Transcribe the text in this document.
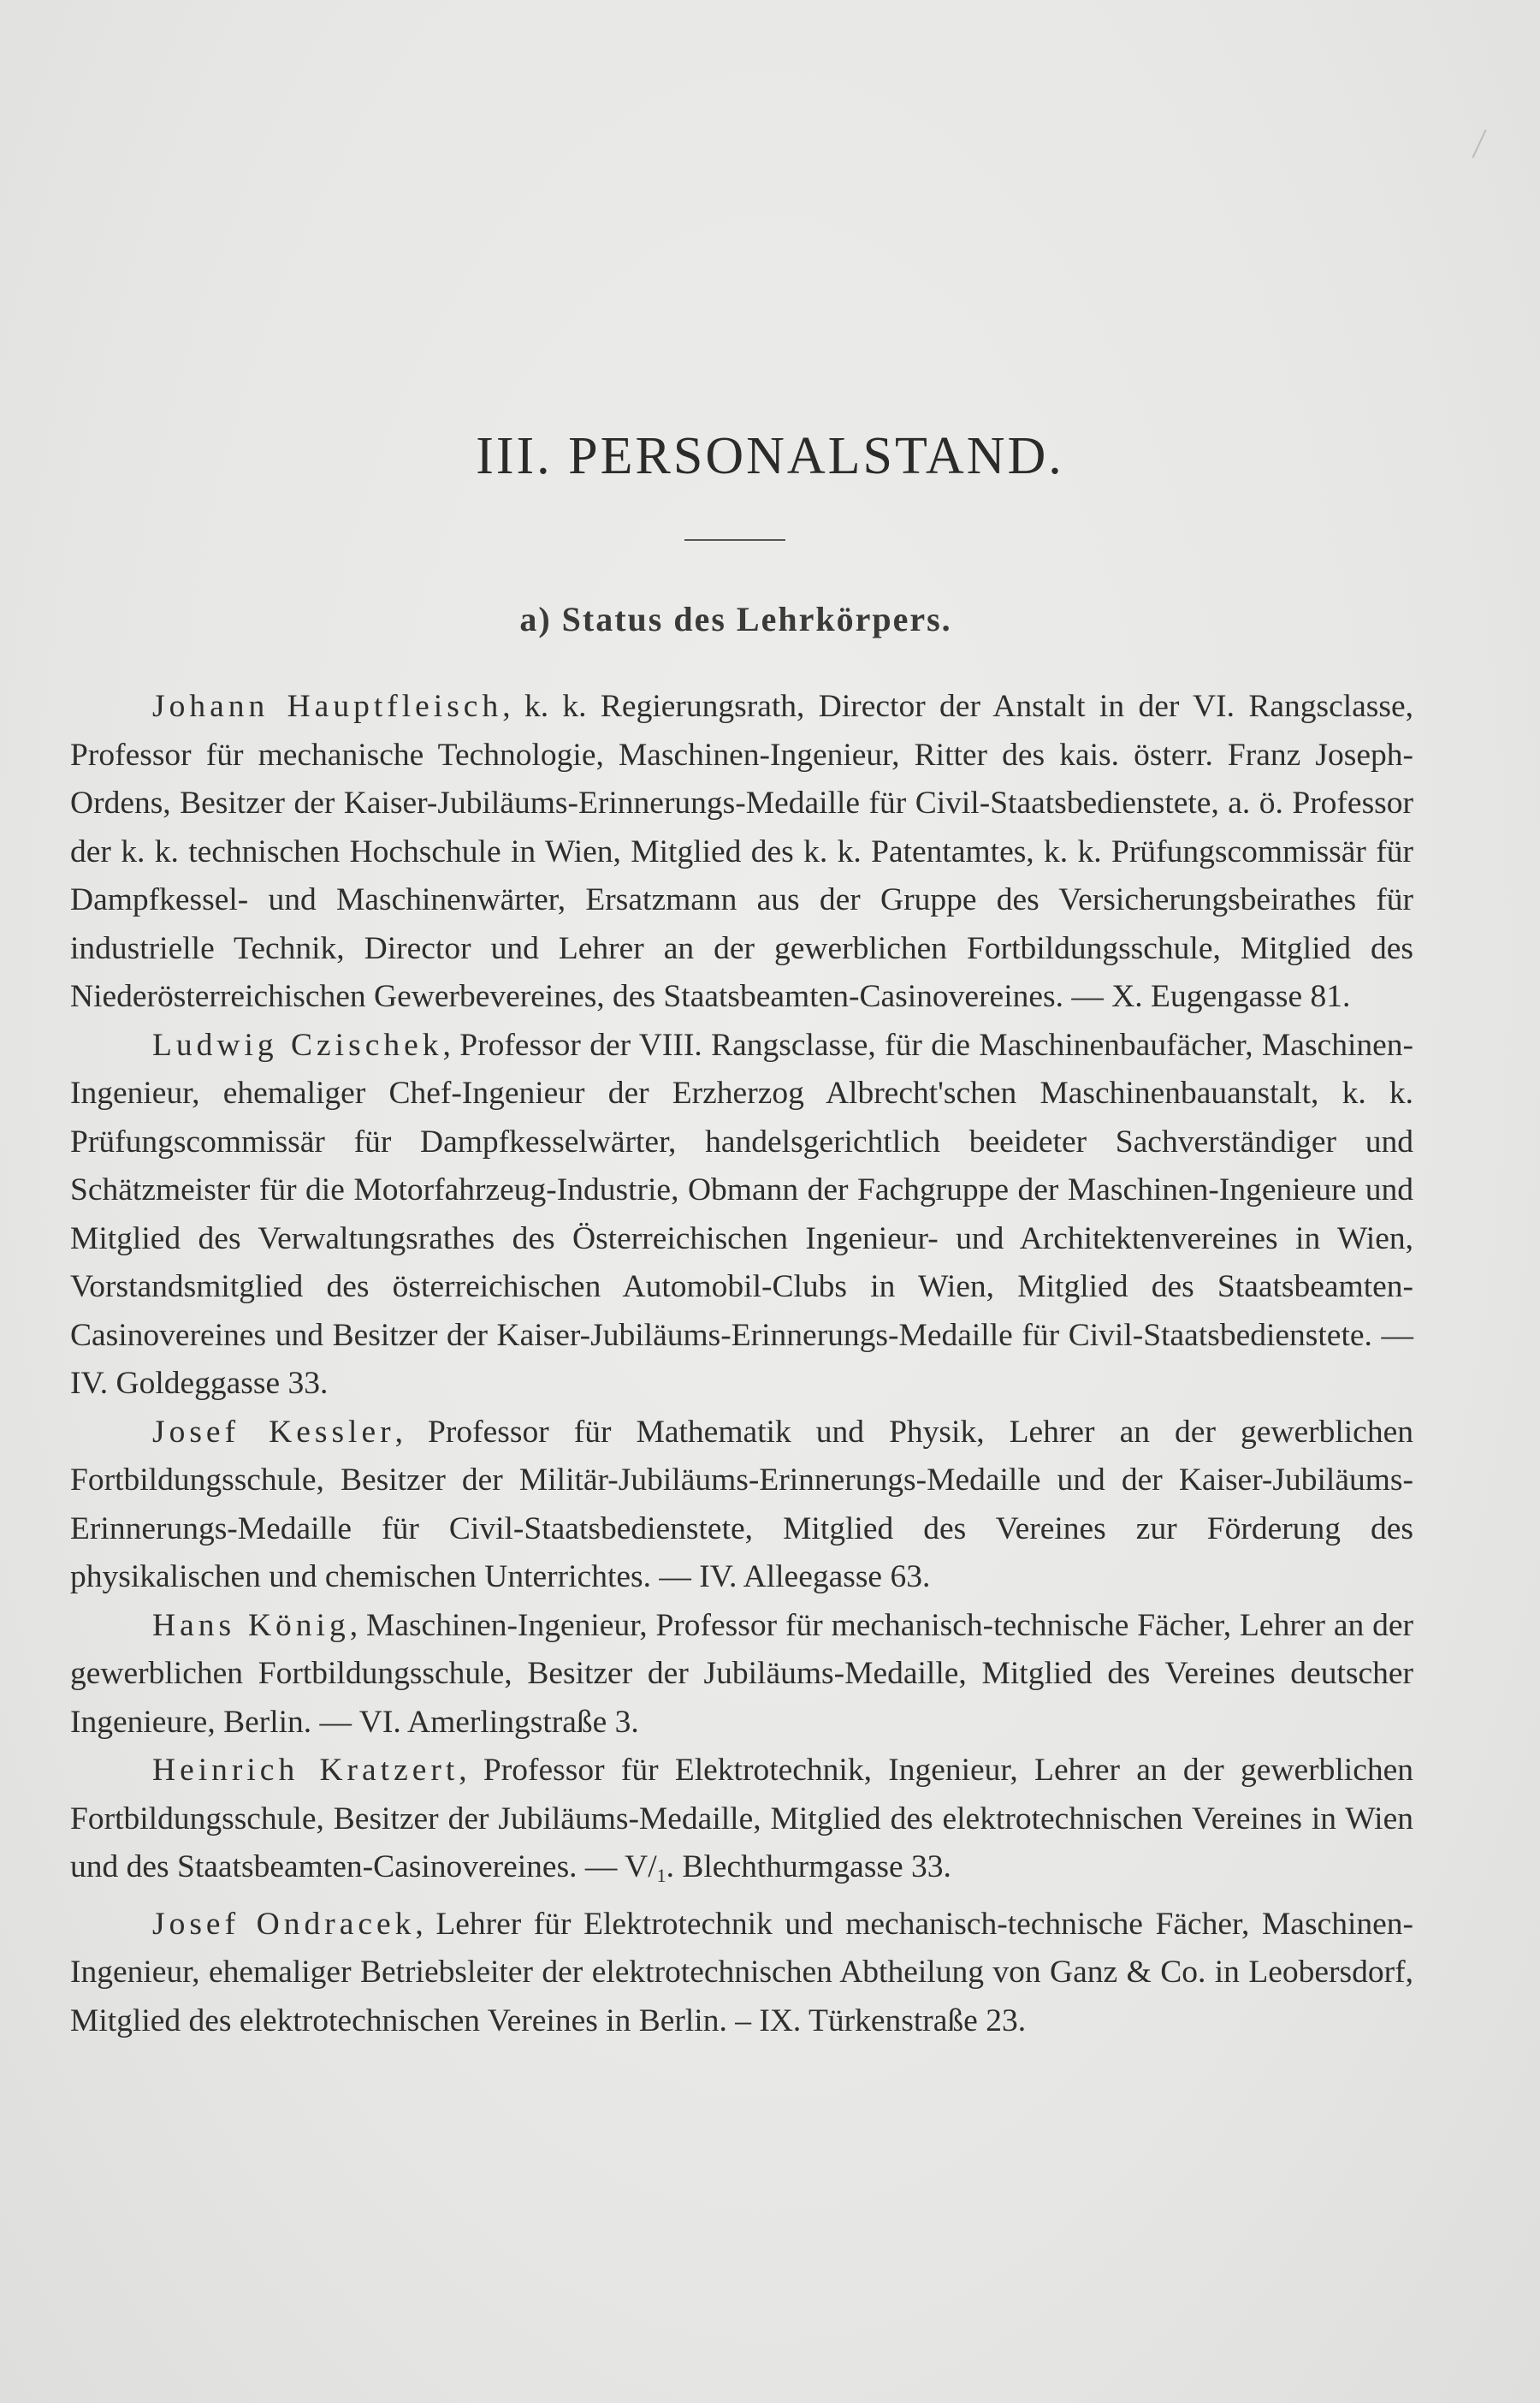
III. PERSONALSTAND.
a) Status des Lehrkörpers.

Johann Hauptfleisch, k. k. Regierungsrath, Director der Anstalt in der VI. Rangsclasse, Professor für mechanische Technologie, Maschinen-Ingenieur, Ritter des kais. österr. Franz Joseph-Ordens, Besitzer der Kaiser-Jubiläums-Erinnerungs-Medaille für Civil-Staatsbedienstete, a. ö. Professor der k. k. technischen Hochschule in Wien, Mitglied des k. k. Patentamtes, k. k. Prüfungscommissär für Dampfkessel- und Maschinenwärter, Ersatzmann aus der Gruppe des Versicherungsbeirathes für industrielle Technik, Director und Lehrer an der gewerblichen Fortbildungsschule, Mitglied des Niederösterreichischen Gewerbevereines, des Staatsbeamten-Casinovereines. — X. Eugengasse 81.

Ludwig Czischek, Professor der VIII. Rangsclasse, für die Maschinenbaufächer, Maschinen-Ingenieur, ehemaliger Chef-Ingenieur der Erzherzog Albrecht'schen Maschinenbauanstalt, k. k. Prüfungscommissär für Dampfkesselwärter, handelsgerichtlich beeideter Sachverständiger und Schätzmeister für die Motorfahrzeug-Industrie, Obmann der Fachgruppe der Maschinen-Ingenieure und Mitglied des Verwaltungsrathes des Österreichischen Ingenieur- und Architektenvereines in Wien, Vorstandsmitglied des österreichischen Automobil-Clubs in Wien, Mitglied des Staatsbeamten-Casinovereines und Besitzer der Kaiser-Jubiläums-Erinnerungs-Medaille für Civil-Staatsbedienstete. — IV. Goldeggasse 33.

Josef Kessler, Professor für Mathematik und Physik, Lehrer an der gewerblichen Fortbildungsschule, Besitzer der Militär-Jubiläums-Erinnerungs-Medaille und der Kaiser-Jubiläums-Erinnerungs-Medaille für Civil-Staatsbedienstete, Mitglied des Vereines zur Förderung des physikalischen und chemischen Unterrichtes. — IV. Alleegasse 63.

Hans König, Maschinen-Ingenieur, Professor für mechanisch-technische Fächer, Lehrer an der gewerblichen Fortbildungsschule, Besitzer der Jubiläums-Medaille, Mitglied des Vereines deutscher Ingenieure, Berlin. — VI. Amerlingstraße 3.

Heinrich Kratzert, Professor für Elektrotechnik, Ingenieur, Lehrer an der gewerblichen Fortbildungsschule, Besitzer der Jubiläums-Medaille, Mitglied des elektrotechnischen Vereines in Wien und des Staatsbeamten-Casinovereines. — $V/_1$. Blechthurmgasse 33.

Josef Ondracek, Lehrer für Elektrotechnik und mechanisch-technische Fächer, Maschinen-Ingenieur, ehemaliger Betriebsleiter der elektrotechnischen Abtheilung von Ganz & Co. in Leobersdorf, Mitglied des elektrotechnischen Vereines in Berlin. – IX. Türkenstraße 23.
